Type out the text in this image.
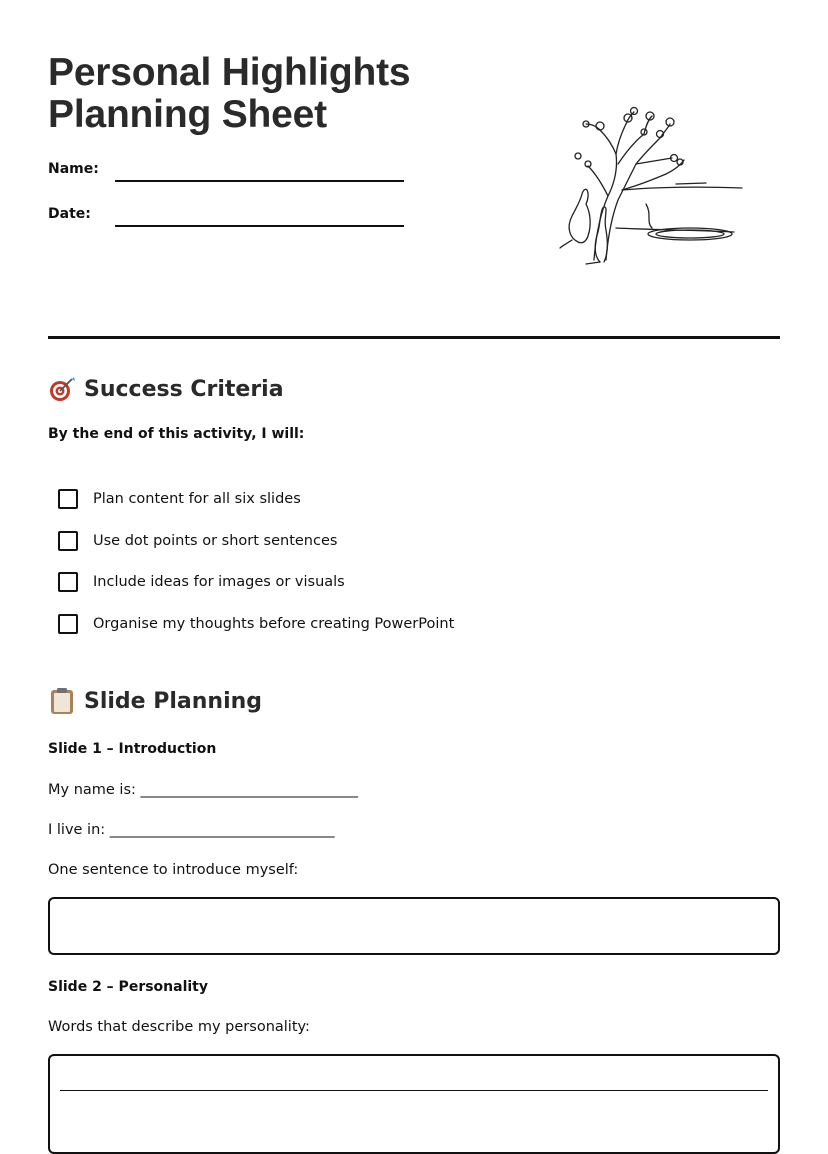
Personal Highlights
Planning Sheet
Name:
Date:
Success Criteria

By the end of this activity, I will:

Plan content for all six slides
Use dot points or short sentences
Include ideas for images or visuals
Organise my thoughts before creating PowerPoint
Slide Planning

Slide 1 – Introduction

My name is: ______________________________

I live in: _______________________________

One sentence to introduce myself:

Slide 2 – Personality

Words that describe my personality:
